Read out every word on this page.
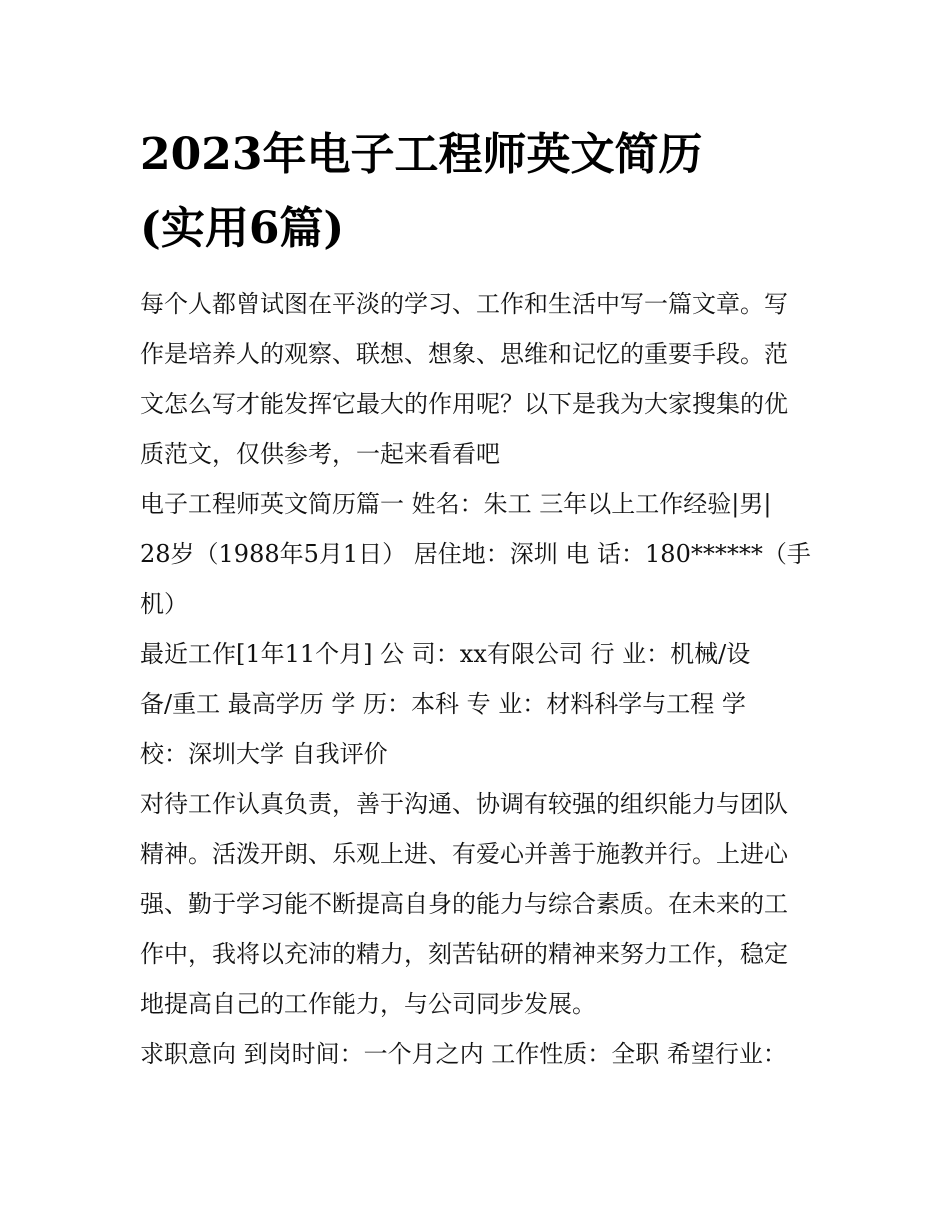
2023年电子工程师英文简历
(实用6篇)

每个人都曾试图在平淡的学习、工作和生活中写一篇文章。写
作是培养人的观察、联想、想象、思维和记忆的重要手段。范
文怎么写才能发挥它最大的作用呢？以下是我为大家搜集的优
质范文，仅供参考，一起来看看吧

电子工程师英文简历篇一 姓名：朱工 三年以上工作经验|男|
28岁（1988年5月1日） 居住地：深圳 电 话：180******（手
机）

最近工作[1年11个月] 公 司：xx有限公司 行 业：机械/设
备/重工 最高学历 学 历：本科 专 业：材料科学与工程 学
校：深圳大学 自我评价

对待工作认真负责，善于沟通、协调有较强的组织能力与团队
精神。活泼开朗、乐观上进、有爱心并善于施教并行。上进心
强、勤于学习能不断提高自身的能力与综合素质。在未来的工
作中，我将以充沛的精力，刻苦钻研的精神来努力工作，稳定
地提高自己的工作能力，与公司同步发展。

求职意向 到岗时间：一个月之内 工作性质：全职 希望行业：
